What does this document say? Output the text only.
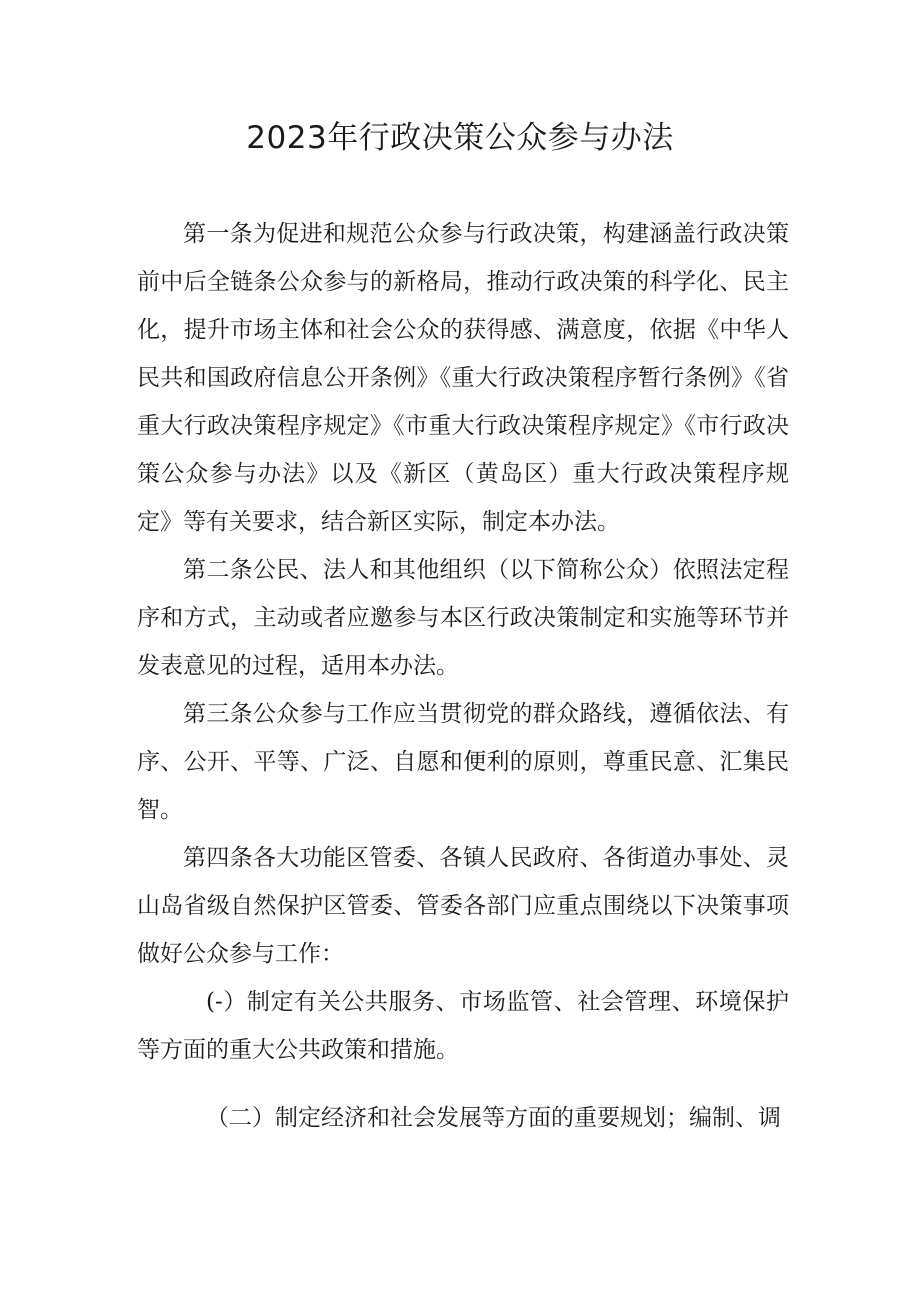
2023年行政决策公众参与办法

第一条为促进和规范公众参与行政决策，构建涵盖行政决策前中后全链条公众参与的新格局，推动行政决策的科学化、民主化，提升市场主体和社会公众的获得感、满意度，依据《中华人民共和国政府信息公开条例》《重大行政决策程序暂行条例》《省重大行政决策程序规定》《市重大行政决策程序规定》《市行政决策公众参与办法》以及《新区（黄岛区）重大行政决策程序规定》等有关要求，结合新区实际，制定本办法。

第二条公民、法人和其他组织（以下简称公众）依照法定程序和方式，主动或者应邀参与本区行政决策制定和实施等环节并发表意见的过程，适用本办法。

第三条公众参与工作应当贯彻党的群众路线，遵循依法、有序、公开、平等、广泛、自愿和便利的原则，尊重民意、汇集民智。

第四条各大功能区管委、各镇人民政府、各街道办事处、灵山岛省级自然保护区管委、管委各部门应重点围绕以下决策事项做好公众参与工作：

(-）制定有关公共服务、市场监管、社会管理、环境保护等方面的重大公共政策和措施。

（二）制定经济和社会发展等方面的重要规划；编制、调
